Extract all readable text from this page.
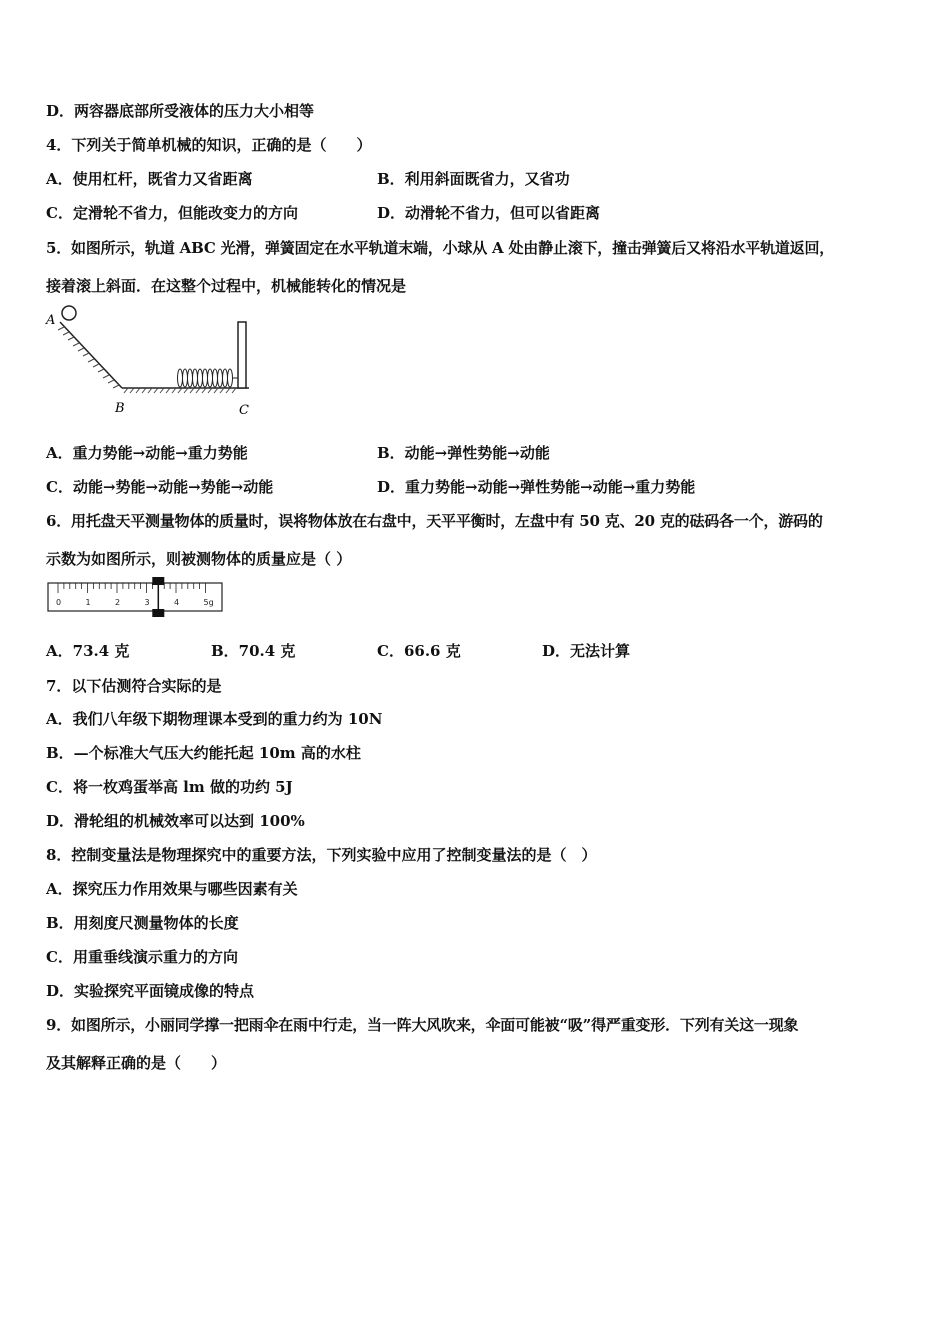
D．两容器底部所受液体的压力大小相等
4．下列关于简单机械的知识，正确的是（　　）
A．使用杠杆，既省力又省距离	B．利用斜面既省力，又省功
C．定滑轮不省力，但能改变力的方向	D．动滑轮不省力，但可以省距离
5．如图所示，轨道 ABC 光滑，弹簧固定在水平轨道末端，小球从 A 处由静止滚下，撞击弹簧后又将沿水平轨道返回，
接着滚上斜面．在这整个过程中，机械能转化的情况是
A
B	C
A．重力势能→动能→重力势能	B．动能→弹性势能→动能
C．动能→势能→动能→势能→动能	D．重力势能→动能→弹性势能→动能→重力势能
6．用托盘天平测量物体的质量时，误将物体放在右盘中，天平平衡时，左盘中有 50 克、20 克的砝码各一个，游码的
示数为如图所示，则被测物体的质量应是（ ）
0	1	2	3	4	5g
A．73.4 克	B．70.4 克	C．66.6 克	D．无法计算
7．以下估测符合实际的是
A．我们八年级下期物理课本受到的重力约为 10N
B．—个标准大气压大约能托起 10m 高的水柱
C．将一枚鸡蛋举高 lm 做的功约 5J
D．滑轮组的机械效率可以达到 100%
8．控制变量法是物理探究中的重要方法，下列实验中应用了控制变量法的是（　）
A．探究压力作用效果与哪些因素有关
B．用刻度尺测量物体的长度
C．用重垂线演示重力的方向
D．实验探究平面镜成像的特点
9．如图所示，小丽同学撑一把雨伞在雨中行走，当一阵大风吹来，伞面可能被“吸”得严重变形．下列有关这一现象
及其解释正确的是（　　）
